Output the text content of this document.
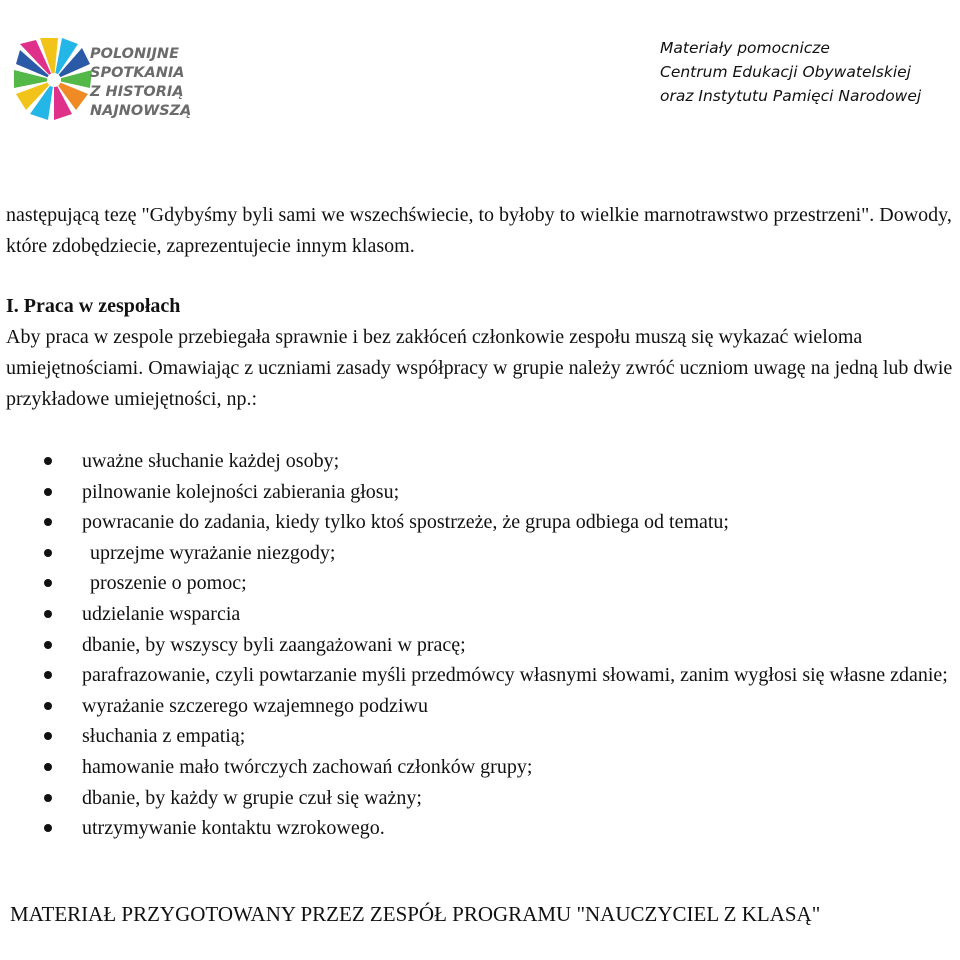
POLONIJNE
SPOTKANIA
Z HISTORIĄ
NAJNOWSZĄ
Materiały pomocnicze
Centrum Edukacji Obywatelskiej
oraz Instytutu Pamięci Narodowej

następującą tezę "Gdybyśmy byli sami we wszechświecie, to byłoby to wielkie marnotrawstwo przestrzeni". Dowody, które zdobędziecie, zaprezentujecie innym klasom.

I. Praca w zespołach
Aby praca w zespole przebiegała sprawnie i bez zakłóceń członkowie zespołu muszą się wykazać wieloma umiejętnościami. Omawiając z uczniami zasady współpracy w grupie należy zwróć uczniom uwagę na jedną lub dwie przykładowe umiejętności, np.:
uważne słuchanie każdej osoby;
pilnowanie kolejności zabierania głosu;
powracanie do zadania, kiedy tylko ktoś spostrzeże, że grupa odbiega od tematu;
uprzejme wyrażanie niezgody;
proszenie o pomoc;
udzielanie wsparcia
dbanie, by wszyscy byli zaangażowani w pracę;
parafrazowanie, czyli powtarzanie myśli przedmówcy własnymi słowami, zanim wygłosi się własne zdanie;
wyrażanie szczerego wzajemnego podziwu
słuchania z empatią;
hamowanie mało twórczych zachowań członków grupy;
dbanie, by każdy w grupie czuł się ważny;
utrzymywanie kontaktu wzrokowego.
MATERIAŁ PRZYGOTOWANY PRZEZ ZESPÓŁ PROGRAMU "NAUCZYCIEL Z KLASĄ"
